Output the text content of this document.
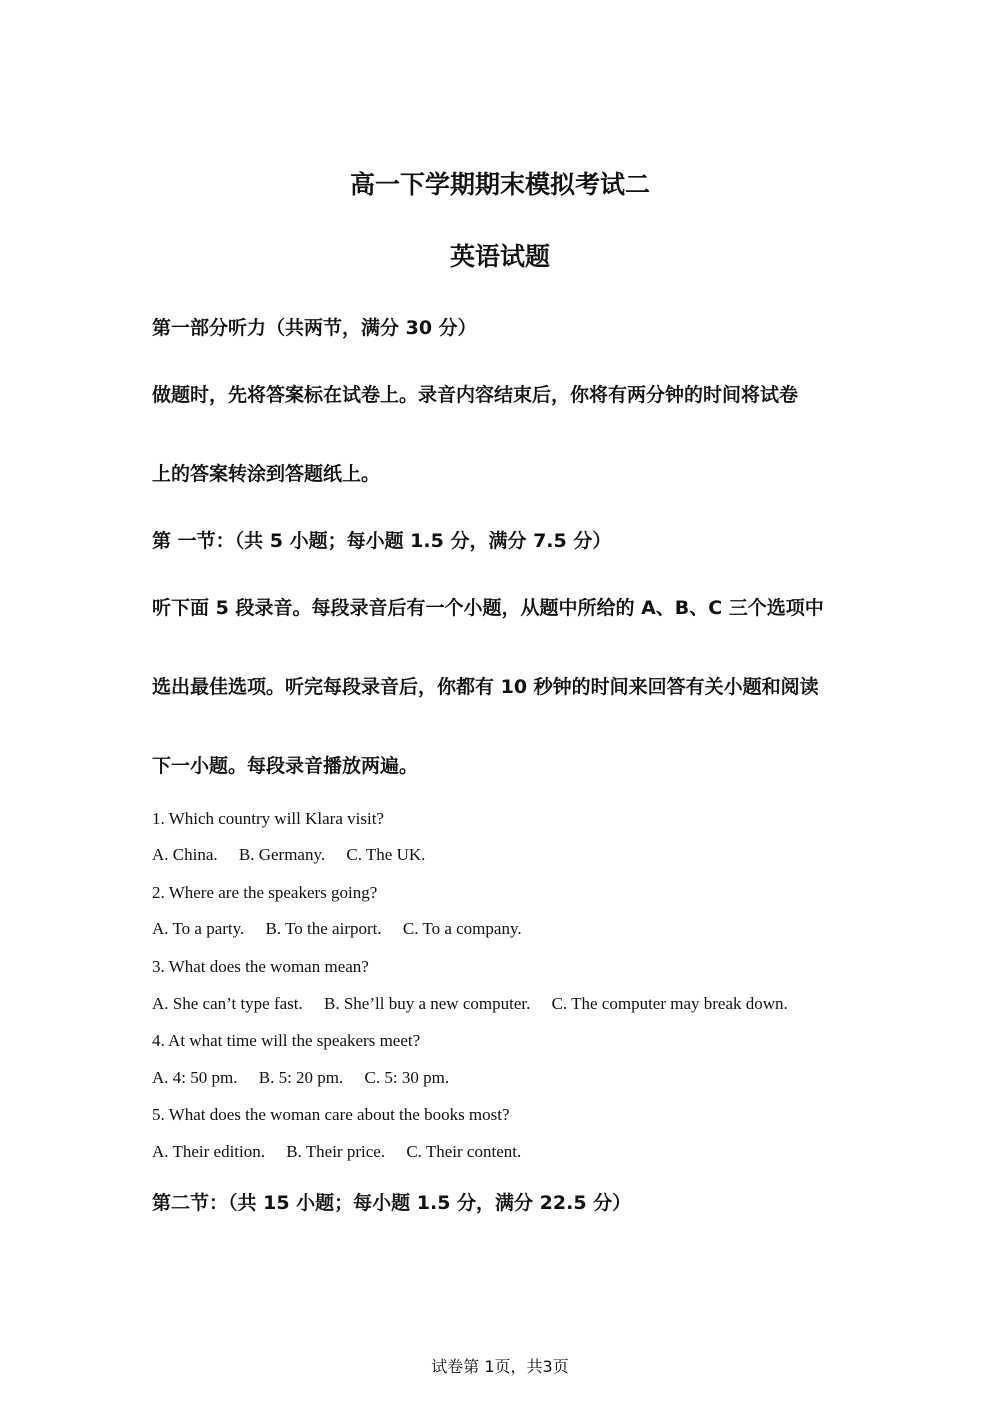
高一下学期期末模拟考试二
英语试题
第一部分听力（共两节，满分 30 分）
做题时，先将答案标在试卷上。录音内容结束后，你将有两分钟的时间将试卷
上的答案转涂到答题纸上。
第 一节：（共 5 小题；每小题 1.5 分，满分 7.5 分）
听下面 5 段录音。每段录音后有一个小题，从题中所给的 A、B、C 三个选项中
选出最佳选项。听完每段录音后，你都有 10 秒钟的时间来回答有关小题和阅读
下一小题。每段录音播放两遍。
1. Which country will Klara visit?
A. China. B. Germany. C. The UK.
2. Where are the speakers going?
A. To a party. B. To the airport. C. To a company.
3. What does the woman mean?
A. She can’t type fast. B. She’ll buy a new computer. C. The computer may break down.
4. At what time will the speakers meet?
A. 4: 50 pm. B. 5: 20 pm. C. 5: 30 pm.
5. What does the woman care about the books most?
A. Their edition. B. Their price. C. Their content.
第二节：（共 15 小题；每小题 1.5 分，满分 22.5 分）
试卷第 1页，共3页
